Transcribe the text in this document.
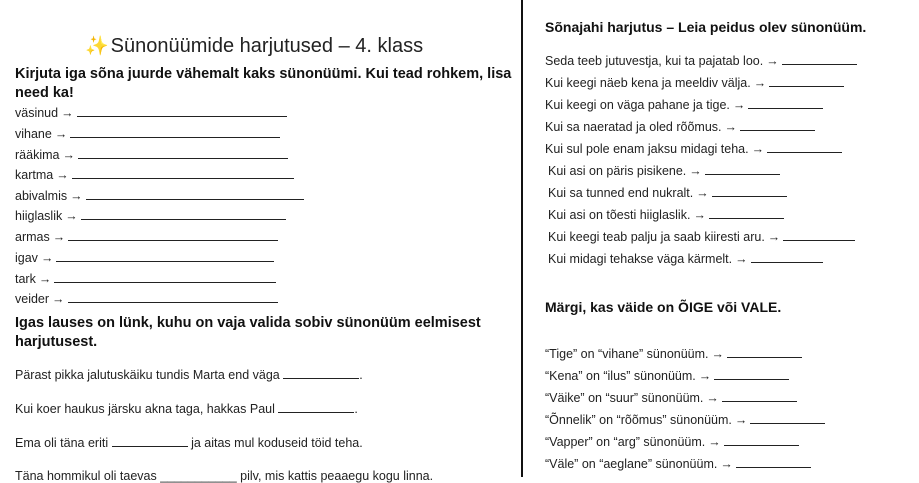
✨ Sünonüümide harjutused – 4. klass
Kirjuta iga sõna juurde vähemalt kaks sünonüümi. Kui tead rohkem, lisa need ka!
väsinud →
vihane →
rääkima →
kartma →
abivalmis →
hiiglaslik →
armas →
igav →
tark →
veider →
Igas lauses on lünk, kuhu on vaja valida sobiv sünonüüm eelmisest harjutusest.
Pärast pikka jalutuskäiku tundis Marta end väga	.
Kui koer haukus järsku akna taga, hakkas Paul	.
Ema oli täna eriti	ja aitas mul koduseid töid teha.
Täna hommikul oli taevas ___________ pilv, mis kattis peaaegu kogu linna.
Sõnajahi harjutus – Leia peidus olev sünonüüm.
Seda teeb jutuvestja, kui ta pajatab loo. →
Kui keegi näeb kena ja meeldiv välja. →
Kui keegi on väga pahane ja tige. →
Kui sa naeratad ja oled rõõmus. →
Kui sul pole enam jaksu midagi teha. →
Kui asi on päris pisikene. →
Kui sa tunned end nukralt. →
Kui asi on tõesti hiiglaslik. →
Kui keegi teab palju ja saab kiiresti aru. →
Kui midagi tehakse väga kärmelt. →
Märgi, kas väide on ÕIGE või VALE.
“Tige” on “vihane” sünonüüm. →
“Kena” on “ilus” sünonüüm. →
“Väike” on “suur” sünonüüm. →
“Õnnelik” on “rõõmus” sünonüüm. →
“Vapper” on “arg” sünonüüm. →
“Väle” on “aeglane” sünonüüm. →
